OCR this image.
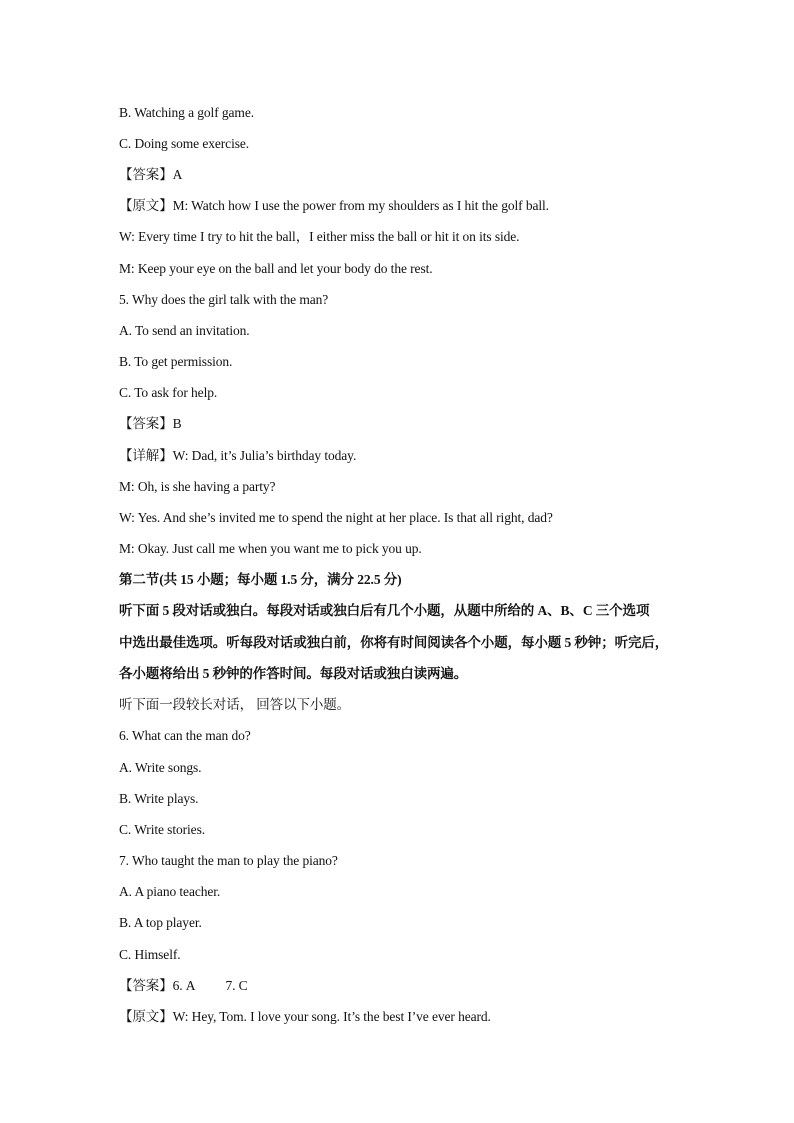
B. Watching a golf game.
C. Doing some exercise.
【答案】A
【原文】M: Watch how I use the power from my shoulders as I hit the golf ball.
W: Every time I try to hit the ball，I either miss the ball or hit it on its side.
M: Keep your eye on the ball and let your body do the rest.
5. Why does the girl talk with the man?
A. To send an invitation.
B. To get permission.
C. To ask for help.
【答案】B
【详解】W: Dad, it’s Julia’s birthday today.
M: Oh, is she having a party?
W: Yes. And she’s invited me to spend the night at her place. Is that all right, dad?
M: Okay. Just call me when you want me to pick you up.
第二节(共 15 小题；每小题 1.5 分，满分 22.5 分)
听下面 5 段对话或独白。每段对话或独白后有几个小题，从题中所给的 A、B、C 三个选项
中选出最佳选项。听每段对话或独白前，你将有时间阅读各个小题，每小题 5 秒钟；听完后，
各小题将给出 5 秒钟的作答时间。每段对话或独白读两遍。
听下面一段较长对话， 回答以下小题。
6. What can the man do?
A. Write songs.
B. Write plays.
C. Write stories.
7. Who taught the man to play the piano?
A. A piano teacher.
B. A top player.
C. Himself.
【答案】6. A 7. C
【原文】W: Hey, Tom. I love your song. It’s the best I’ve ever heard.
